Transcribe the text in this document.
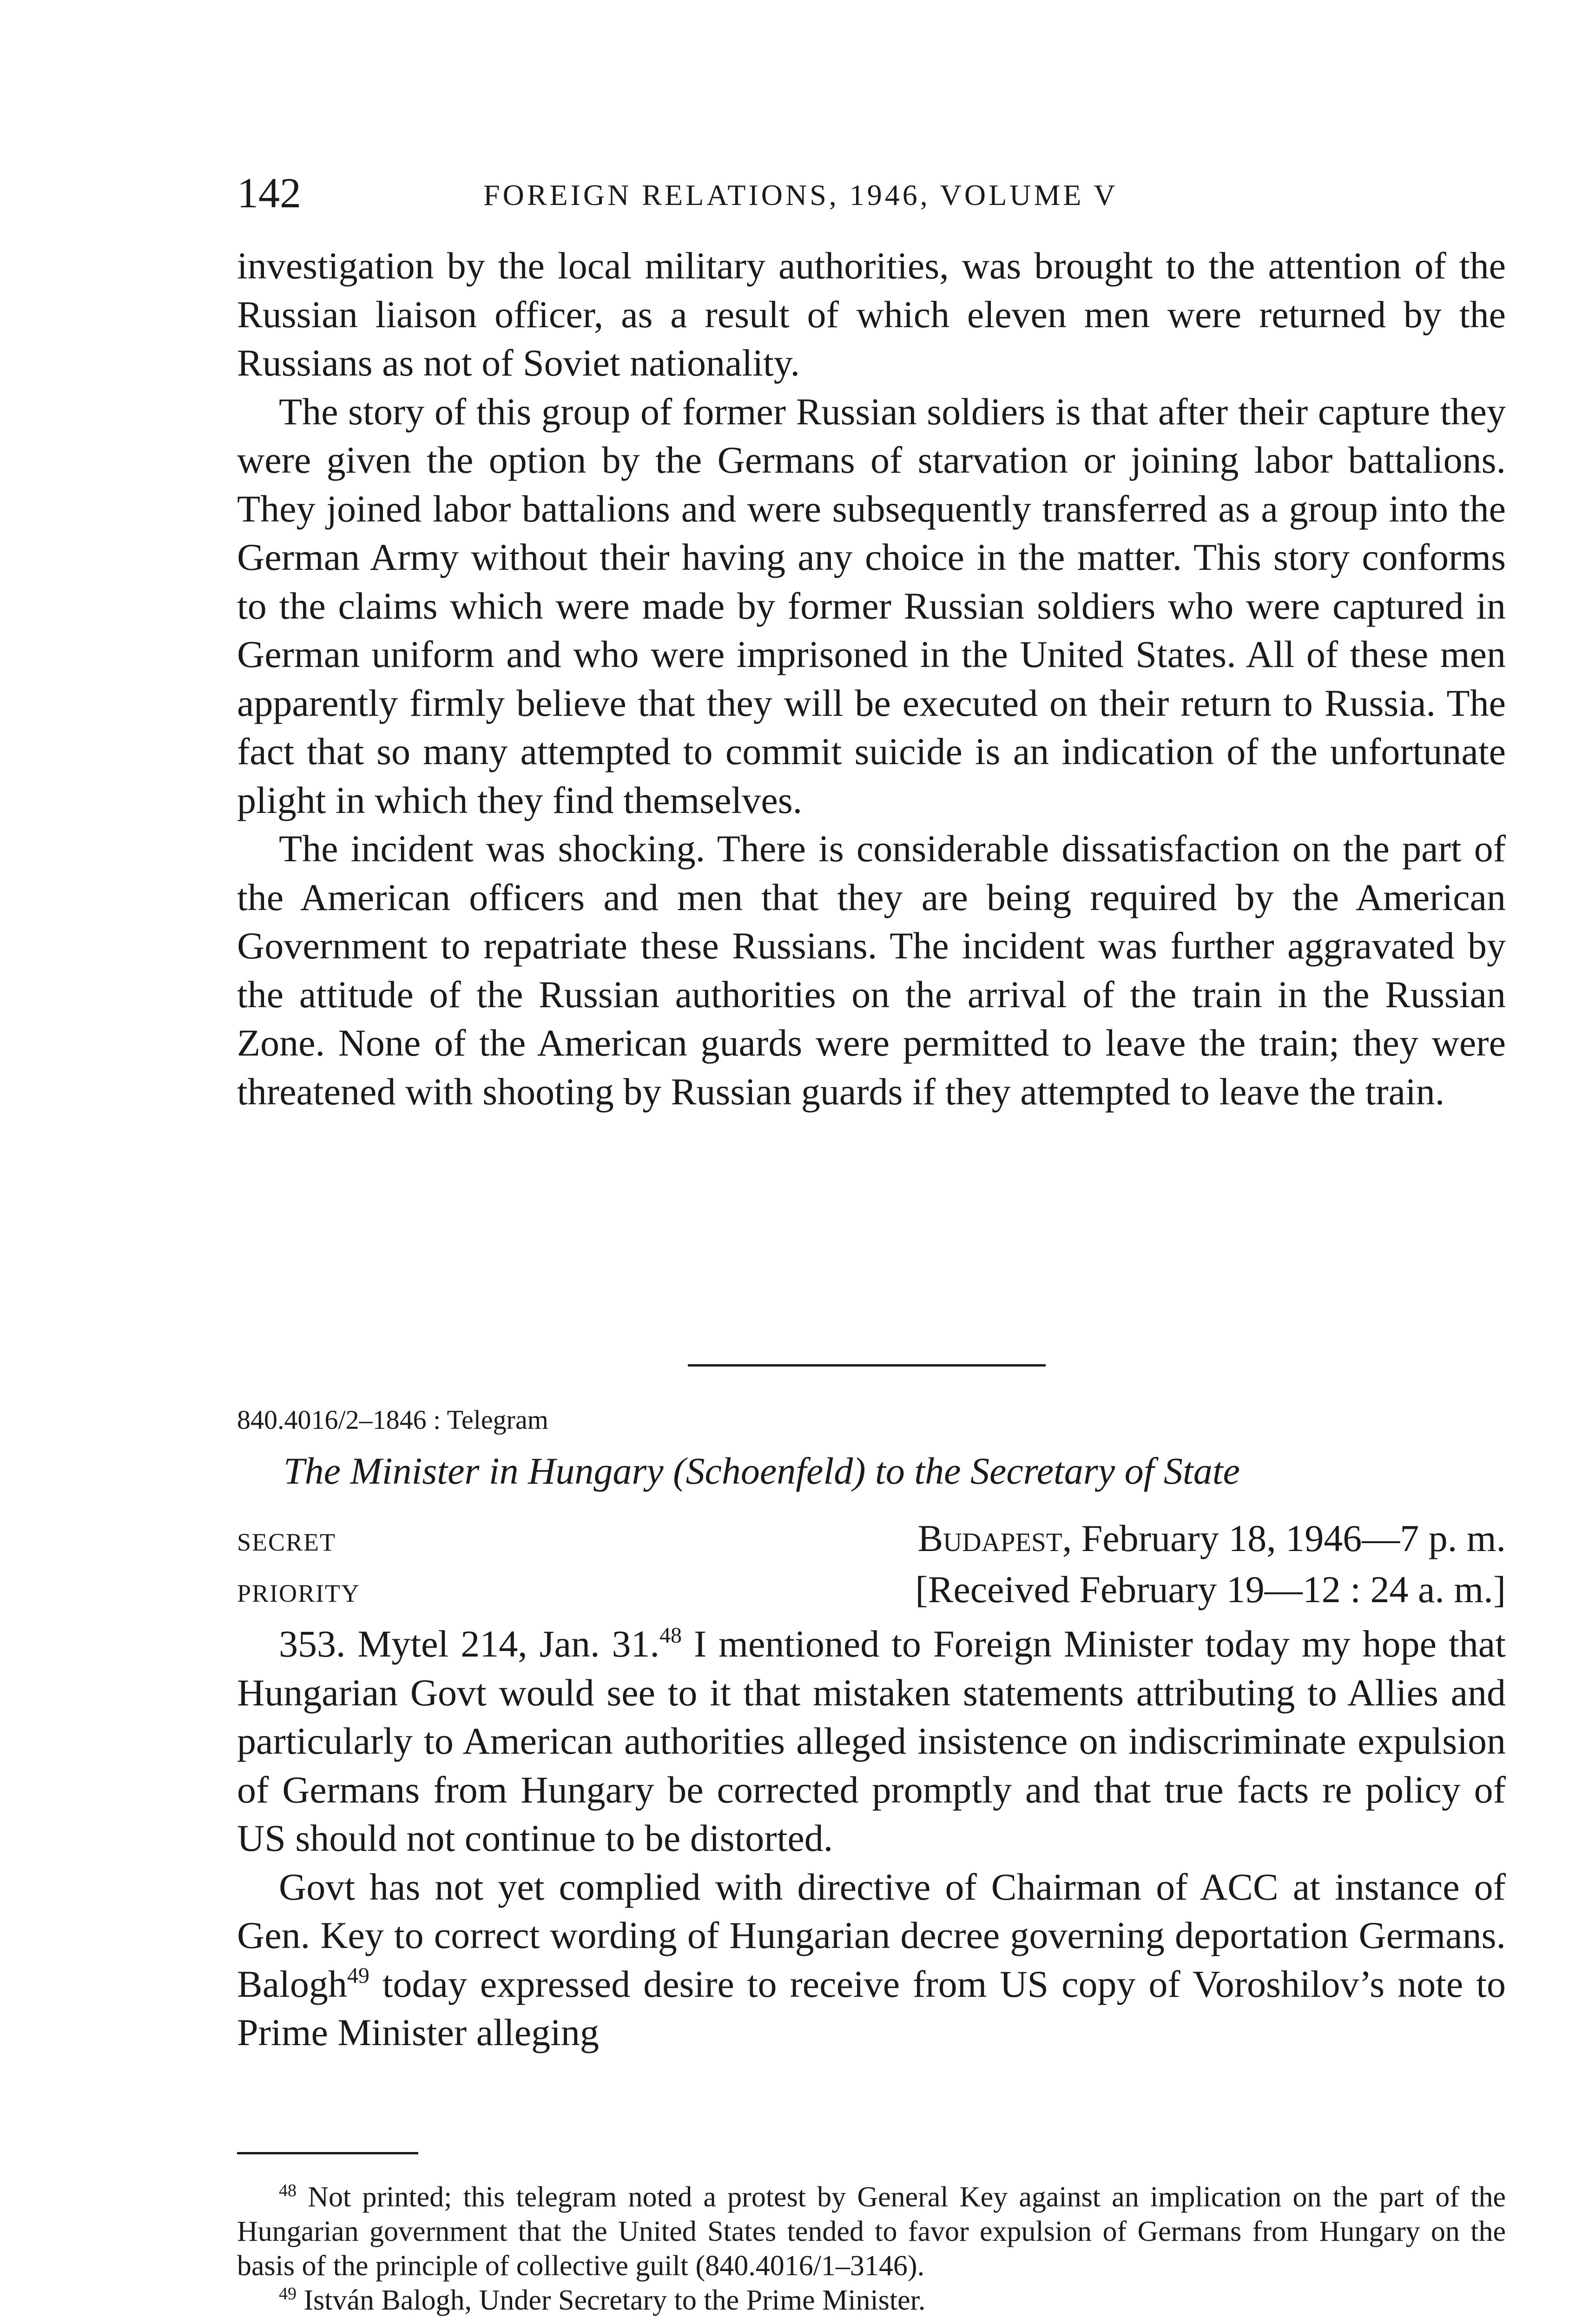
142	FOREIGN RELATIONS, 1946, VOLUME V

investigation by the local military authorities, was brought to the attention of the Russian liaison officer, as a result of which eleven men were returned by the Russians as not of Soviet nationality.

The story of this group of former Russian soldiers is that after their capture they were given the option by the Germans of starvation or joining labor battalions. They joined labor battalions and were subsequently transferred as a group into the German Army without their having any choice in the matter. This story conforms to the claims which were made by former Russian soldiers who were captured in German uniform and who were imprisoned in the United States. All of these men apparently firmly believe that they will be executed on their return to Russia. The fact that so many attempted to commit suicide is an indication of the unfortunate plight in which they find themselves.

The incident was shocking. There is considerable dissatisfaction on the part of the American officers and men that they are being required by the American Government to repatriate these Russians. The incident was further aggravated by the attitude of the Russian authorities on the arrival of the train in the Russian Zone. None of the American guards were permitted to leave the train; they were threatened with shooting by Russian guards if they attempted to leave the train.

840.4016/2–1846 : Telegram
The Minister in Hungary (Schoenfeld) to the Secretary of State
SECRET	Budapest, February 18, 1946—7 p. m.
PRIORITY	[Received February 19—12 : 24 a. m.]

353. Mytel 214, Jan. 31.48 I mentioned to Foreign Minister today my hope that Hungarian Govt would see to it that mistaken statements attributing to Allies and particularly to American authorities alleged insistence on indiscriminate expulsion of Germans from Hungary be corrected promptly and that true facts re policy of US should not continue to be distorted.

Govt has not yet complied with directive of Chairman of ACC at instance of Gen. Key to correct wording of Hungarian decree governing deportation Germans. Balogh$^{49}$ today expressed desire to receive from US copy of Voroshilov’s note to Prime Minister alleging

$^{48}$ Not printed; this telegram noted a protest by General Key against an implication on the part of the Hungarian government that the United States tended to favor expulsion of Germans from Hungary on the basis of the principle of collective guilt (840.4016/1–3146).

$^{49}$ István Balogh, Under Secretary to the Prime Minister.
